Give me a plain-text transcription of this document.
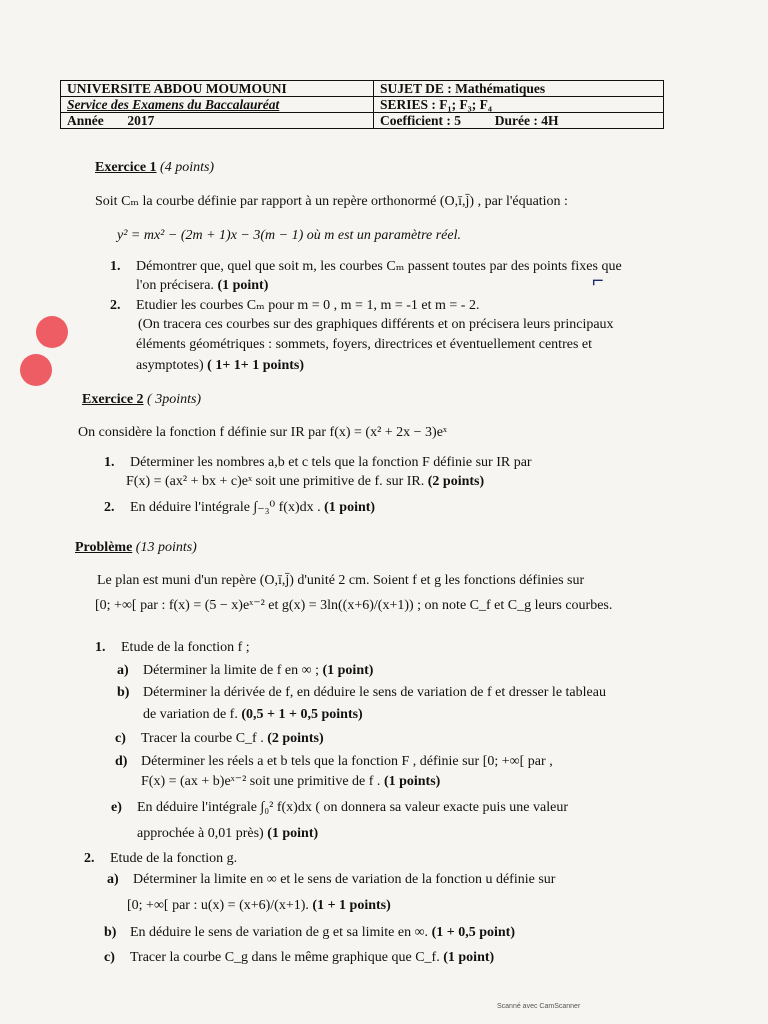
UNIVERSITE ABDOU MOUMOUNI	SUJET DE : Mathématiques
Service des Examens du Baccalauréat	SERIES : F₁; F₃; F₄
Année 2017	Coefficient : 5 Durée : 4H
Exercice 1 (4 points)
Soit Cₘ la courbe définie par rapport à un repère orthonormé (O,ī,j̄) , par l'équation :
y² = mx² − (2m + 1)x − 3(m − 1) où m est un paramètre réel.
1. Démontrer que, quel que soit m, les courbes Cₘ passent toutes par des points fixes que
l'on précisera. (1 point)
2. Etudier les courbes Cₘ pour m = 0 , m = 1, m = -1 et m = - 2.
(On tracera ces courbes sur des graphiques différents et on précisera leurs principaux
éléments géométriques : sommets, foyers, directrices et éventuellement centres et
asymptotes) ( 1+ 1+ 1 points)
Exercice 2 ( 3points)
On considère la fonction f définie sur IR par f(x) = (x² + 2x − 3)eˣ
1. Déterminer les nombres a,b et c tels que la fonction F définie sur IR par
F(x) = (ax² + bx + c)eˣ soit une primitive de f. sur IR. (2 points)
2. En déduire l'intégrale ∫₋₃⁰ f(x)dx . (1 point)
Problème (13 points)
Le plan est muni d'un repère (O,ī,j̄) d'unité 2 cm. Soient f et g les fonctions définies sur
[0; +∞[ par : f(x) = (5 − x)eˣ⁻² et g(x) = 3ln((x+6)/(x+1)) ; on note C_f et C_g leurs courbes.
1. Etude de la fonction f ;
a) Déterminer la limite de f en ∞ ; (1 point)
b) Déterminer la dérivée de f, en déduire le sens de variation de f et dresser le tableau
de variation de f. (0,5 + 1 + 0,5 points)
c) Tracer la courbe C_f . (2 points)
d) Déterminer les réels a et b tels que la fonction F , définie sur [0; +∞[ par ,
F(x) = (ax + b)eˣ⁻² soit une primitive de f . (1 points)
e) En déduire l'intégrale ∫₀² f(x)dx ( on donnera sa valeur exacte puis une valeur
approchée à 0,01 près) (1 point)
2. Etude de la fonction g.
a) Déterminer la limite en ∞ et le sens de variation de la fonction u définie sur
[0; +∞[ par : u(x) = (x+6)/(x+1). (1 + 1 points)
b) En déduire le sens de variation de g et sa limite en ∞. (1 + 0,5 point)
c) Tracer la courbe C_g dans le même graphique que C_f. (1 point)
⌐
Scanné avec CamScanner
